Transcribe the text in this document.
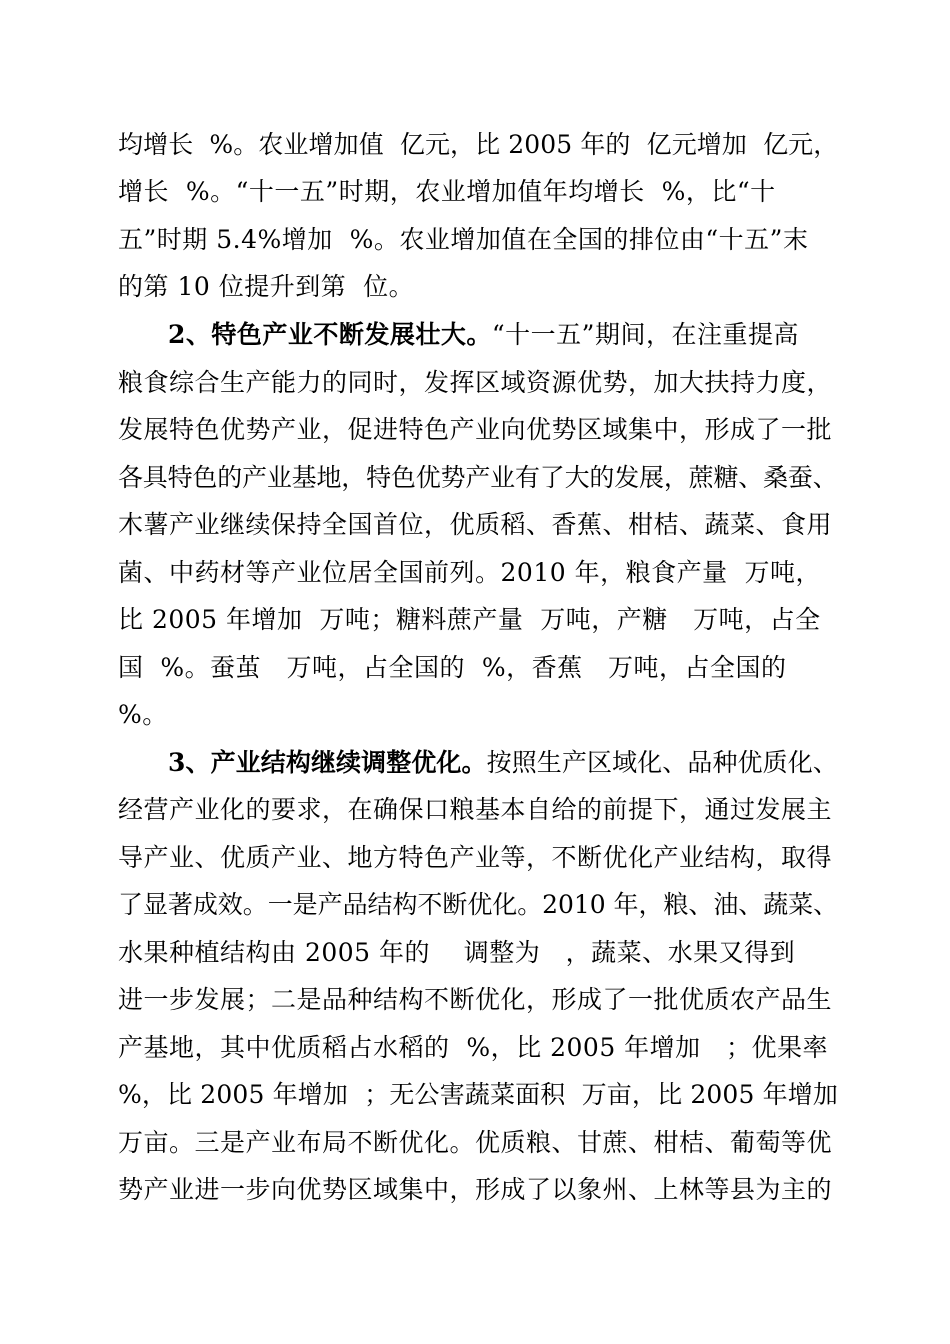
均增长  %。农业增加值  亿元，比 2005 年的  亿元增加  亿元，
增长  %。“十一五”时期，农业增加值年均增长  %，比“十
五”时期 5.4%增加  %。农业增加值在全国的排位由“十五”末
的第 10 位提升到第  位。
2、特色产业不断发展壮大。“十一五”期间，在注重提高
粮食综合生产能力的同时，发挥区域资源优势，加大扶持力度，
发展特色优势产业，促进特色产业向优势区域集中，形成了一批
各具特色的产业基地，特色优势产业有了大的发展，蔗糖、桑蚕、
木薯产业继续保持全国首位，优质稻、香蕉、柑桔、蔬菜、食用
菌、中药材等产业位居全国前列。2010 年，粮食产量  万吨，
比 2005 年增加  万吨；糖料蔗产量  万吨，产糖   万吨，占全
国  %。蚕茧   万吨，占全国的  %，香蕉   万吨，占全国的
%。
3、产业结构继续调整优化。按照生产区域化、品种优质化、
经营产业化的要求，在确保口粮基本自给的前提下，通过发展主
导产业、优质产业、地方特色产业等，不断优化产业结构，取得
了显著成效。一是产品结构不断优化。2010 年，粮、油、蔬菜、
水果种植结构由 2005 年的    调整为   ，蔬菜、水果又得到
进一步发展；二是品种结构不断优化，形成了一批优质农产品生
产基地，其中优质稻占水稻的  %，比 2005 年增加   ；优果率
%，比 2005 年增加  ；无公害蔬菜面积  万亩，比 2005 年增加
万亩。三是产业布局不断优化。优质粮、甘蔗、柑桔、葡萄等优
势产业进一步向优势区域集中，形成了以象州、上林等县为主的
